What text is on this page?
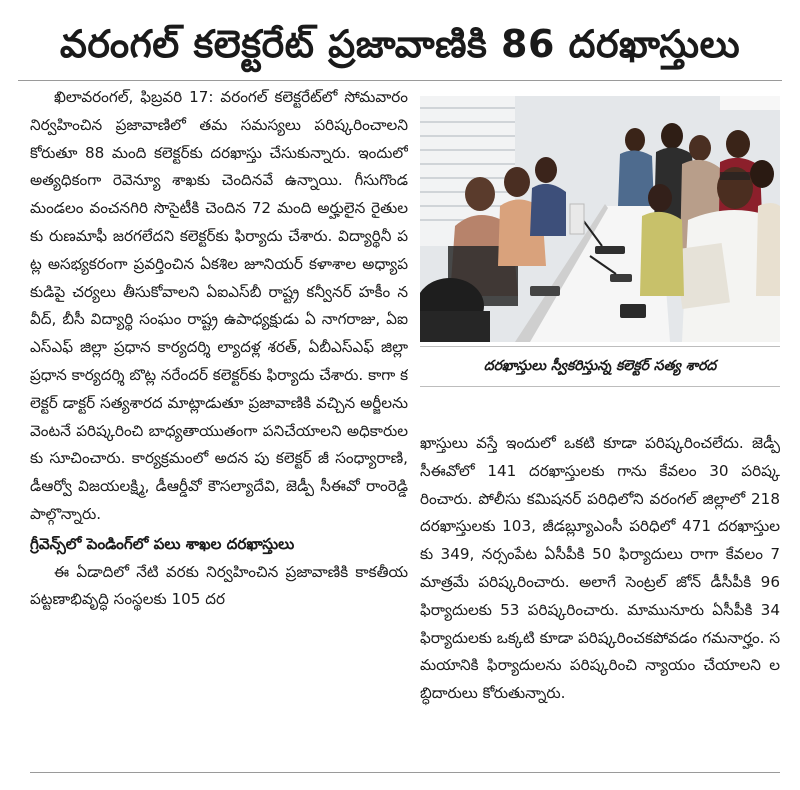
వరంగల్ కలెక్టరేట్ ప్రజావాణికి 86 దరఖాస్తులు

ఖిలావరంగల్, ఫిబ్రవరి 17: వరంగల్ కలెక్టరేట్‌లో సోమవారం నిర్వహించిన ప్రజావాణిలో తమ సమస్యలు పరిష్కరించాలని కోరుతూ 88 మంది కలెక్టర్‌కు దరఖాస్తు చేసుకున్నారు. ఇందులో అత్యధికంగా రెవెన్యూ శాఖకు చెందినవే ఉన్నాయి. గీసుగొండ మండలం వంచనగిరి సొసైటీకి చెందిన 72 మంది అర్హులైన రైతులకు రుణమాఫీ జరగలేదని కలెక్టర్‌కు ఫిర్యాదు చేశారు. విద్యార్థినీ పట్ల అసభ్యకరంగా ప్రవర్తించిన ఏకశిల జూనియర్ కళాశాల అధ్యాపకుడిపై చర్యలు తీసుకోవాలని ఏఐఎస్‌బీ రాష్ట్ర కన్వీనర్ హకీం నవీద్, బీసీ విద్యార్థి సంఘం రాష్ట్ర ఉపాధ్యక్షుడు ఏ నాగరాజు, ఏఐఎస్‌ఎఫ్ జిల్లా ప్రధాన కార్యదర్శి ల్యాదళ్ల శరత్, ఏబీఎస్‌ఎఫ్ జిల్లా ప్రధాన కార్యదర్శి బొట్ల నరేందర్ కలెక్టర్‌కు ఫిర్యాదు చేశారు. కాగా కలెక్టర్ డాక్టర్ సత్యశారద మాట్లాడుతూ ప్రజావాణికి వచ్చిన అర్జీలను వెంటనే పరిష్కరించి బాధ్యతాయుతంగా పనిచేయాలని అధికారులకు సూచించారు. కార్యక్రమంలో అదన పు కలెక్టర్ జీ సంధ్యారాణి, డీఆర్వో విజయలక్ష్మి, డీఆర్డీవో కౌసల్యాదేవి, జెడ్పీ సీఈవో రాంరెడ్డి పాల్గొన్నారు.

గ్రీవెన్స్‌లో పెండింగ్‌లో పలు శాఖల దరఖాస్తులు

ఈ ఏడాదిలో నేటి వరకు నిర్వహించిన ప్రజావాణికి కాకతీయ పట్టణాభివృద్ధి సంస్థలకు 105 దర

దరఖాస్తులు స్వీకరిస్తున్న కలెక్టర్ సత్య శారద

ఖాస్తులు వస్తే ఇందులో ఒకటి కూడా పరిష్కరించలేదు. జెడ్పీ సీఈవోలో 141 దరఖాస్తులకు గాను కేవలం 30 పరిష్కరించారు. పోలీసు కమిషనర్ పరిధిలోని వరంగల్ జిల్లాలో 218 దరఖాస్తులకు 103, జీడబ్ల్యూఎంసీ పరిధిలో 471 దరఖాస్తులకు 349, నర్సంపేట ఏసీపీకి 50 ఫిర్యాదులు రాగా కేవలం 7 మాత్రమే పరిష్కరించారు. అలాగే సెంట్రల్ జోన్ డీసీపీకి 96 ఫిర్యాదులకు 53 పరిష్కరించారు. మామునూరు ఏసీపీకి 34 ఫిర్యాదులకు ఒక్కటి కూడా పరిష్కరించకపోవడం గమనార్హం. సమయానికి ఫిర్యాదులను పరిష్కరించి న్యాయం చేయాలని లబ్ధిదారులు కోరుతున్నారు.
